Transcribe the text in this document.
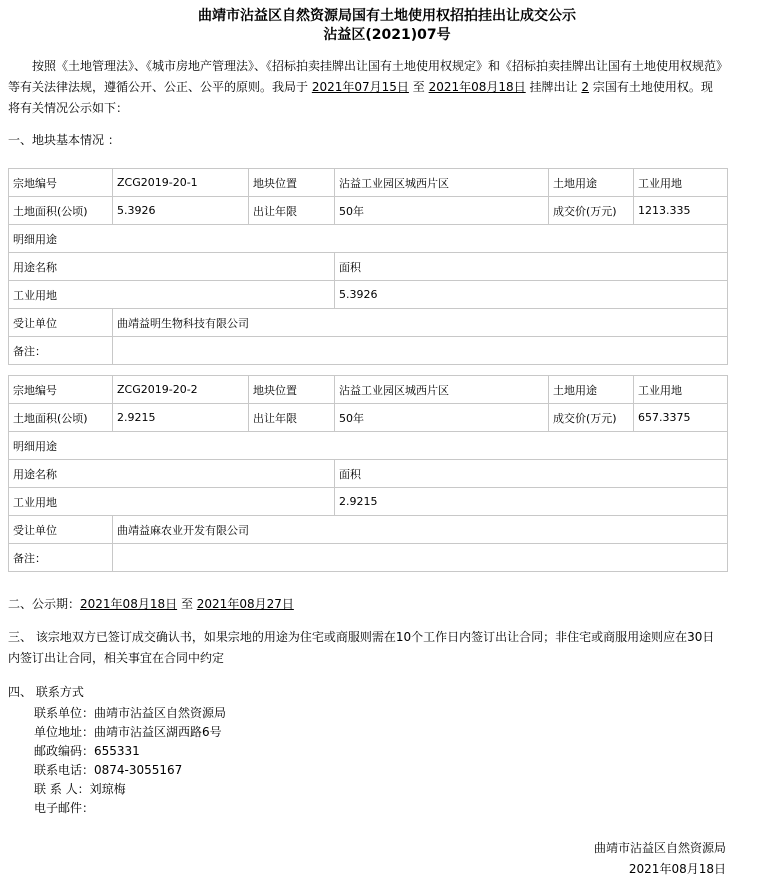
曲靖市沾益区自然资源局国有土地使用权招拍挂出让成交公示
沾益区(2021)07号
按照《土地管理法》、《城市房地产管理法》、《招标拍卖挂牌出让国有土地使用权规定》和《招标拍卖挂牌出让国有土地使用权规范》等有关法律法规，遵循公开、公正、公平的原则。我局于 2021年07月15日 至 2021年08月18日 挂牌出让 2 宗国有土地使用权。现将有关情况公示如下：
一、地块基本情况 ：
宗地编号	ZCG2019-20-1	地块位置	沾益工业园区城西片区	土地用途	工业用地
土地面积(公顷)	5.3926	出让年限	50年	成交价(万元)	1213.335
明细用途					
用途名称			面积		
工业用地			5.3926		
受让单位	曲靖益明生物科技有限公司				
备注：					
宗地编号	ZCG2019-20-2	地块位置	沾益工业园区城西片区	土地用途	工业用地
土地面积(公顷)	2.9215	出让年限	50年	成交价(万元)	657.3375
明细用途					
用途名称			面积		
工业用地			2.9215		
受让单位	曲靖益麻农业开发有限公司				
备注：					
二、公示期：2021年08月18日 至 2021年08月27日
三、 该宗地双方已签订成交确认书，如果宗地的用途为住宅或商服则需在10个工作日内签订出让合同；非住宅或商服用途则应在30日内签订出让合同，相关事宜在合同中约定
四、 联系方式
联系单位：曲靖市沾益区自然资源局
单位地址：曲靖市沾益区湖西路6号
邮政编码：655331
联系电话：0874-3055167
联 系 人：刘琼梅
电子邮件：
曲靖市沾益区自然资源局
2021年08月18日
